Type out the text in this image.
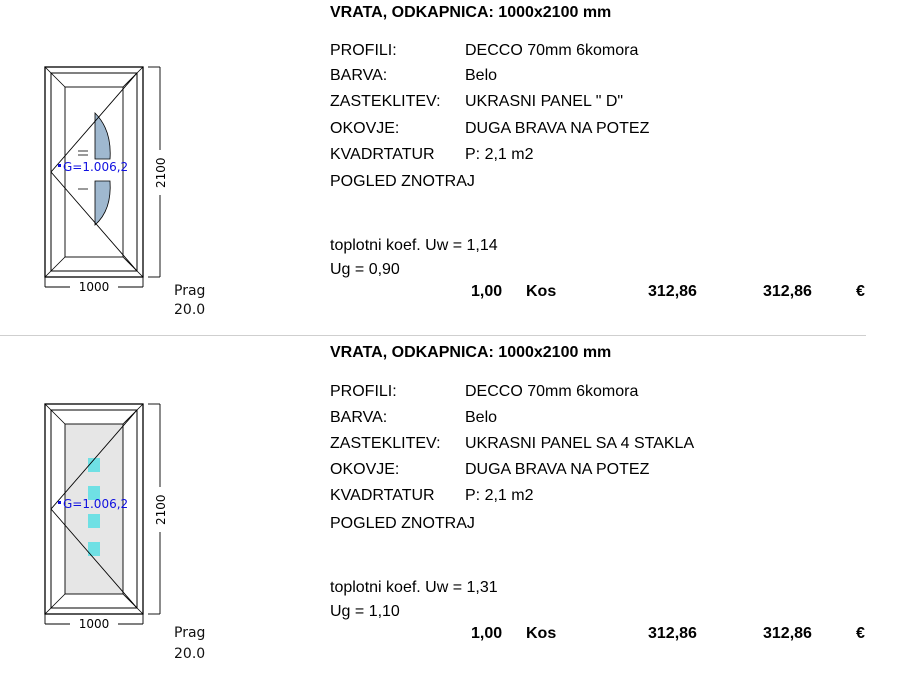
G=1.006,2 2100
1000	Prag
20.0
VRATA, ODKAPNICA: 1000x2100 mm
PROFILI:	DECCO 70mm 6komora
BARVA:	Belo
ZASTEKLITEV: UKRASNI PANEL " D"
OKOVJE:	DUGA BRAVA NA POTEZ
KVADRTATUR P: 2,1 m2
POGLED ZNOTRAJ
toplotni koef. Uw = 1,14
Ug = 0,90
1,00 Kos	312,86	312,86	€
G=1.006,2 2100
1000
Prag
20.0
VRATA, ODKAPNICA: 1000x2100 mm
PROFILI:	DECCO 70mm 6komora
BARVA:	Belo
ZASTEKLITEV: UKRASNI PANEL SA 4 STAKLA
OKOVJE:	DUGA BRAVA NA POTEZ
KVADRTATUR P: 2,1 m2
POGLED ZNOTRAJ
toplotni koef. Uw = 1,31
Ug = 1,10
1,00 Kos	312,86	312,86	€
